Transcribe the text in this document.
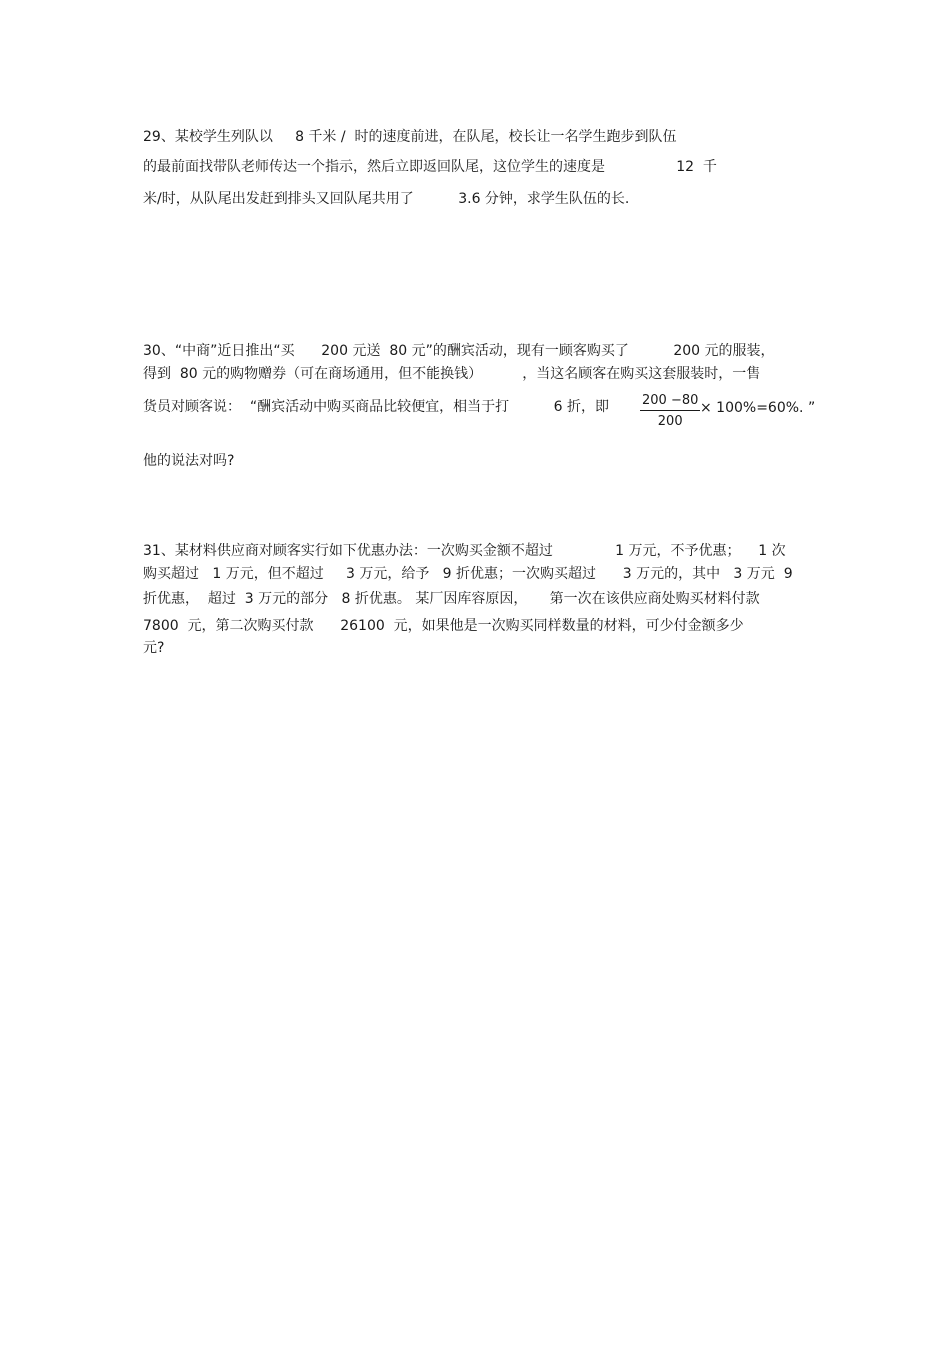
29、某校学生列队以     8 千米 /  时的速度前进，在队尾，校长让一名学生跑步到队伍
的最前面找带队老师传达一个指示，然后立即返回队尾，这位学生的速度是                12  千
米/时，从队尾出发赶到排头又回队尾共用了          3.6 分钟，求学生队伍的长.
30、“中商”近日推出“买      200 元送  80 元”的酬宾活动，现有一顾客购买了          200 元的服装，
得到  80 元的购物赠券（可在商场通用，但不能换钱）         ，当这名顾客在购买这套服装时，一售
货员对顾客说：  “酬宾活动中购买商品比较便宜，相当于打          6 折，即 $\frac{200 -80}{200} \times 100\%=60\%$. ”
他的说法对吗?
31、某材料供应商对顾客实行如下优惠办法：一次购买金额不超过              1 万元，不予优惠；    1 次
购买超过   1 万元，但不超过     3 万元，给予   9 折优惠；一次购买超过      3 万元的，其中   3 万元  9
折优惠，  超过  3 万元的部分   8 折优惠。 某厂因库容原因，     第一次在该供应商处购买材料付款
7800  元，第二次购买付款      26100  元，如果他是一次购买同样数量的材料，可少付金额多少
元?
